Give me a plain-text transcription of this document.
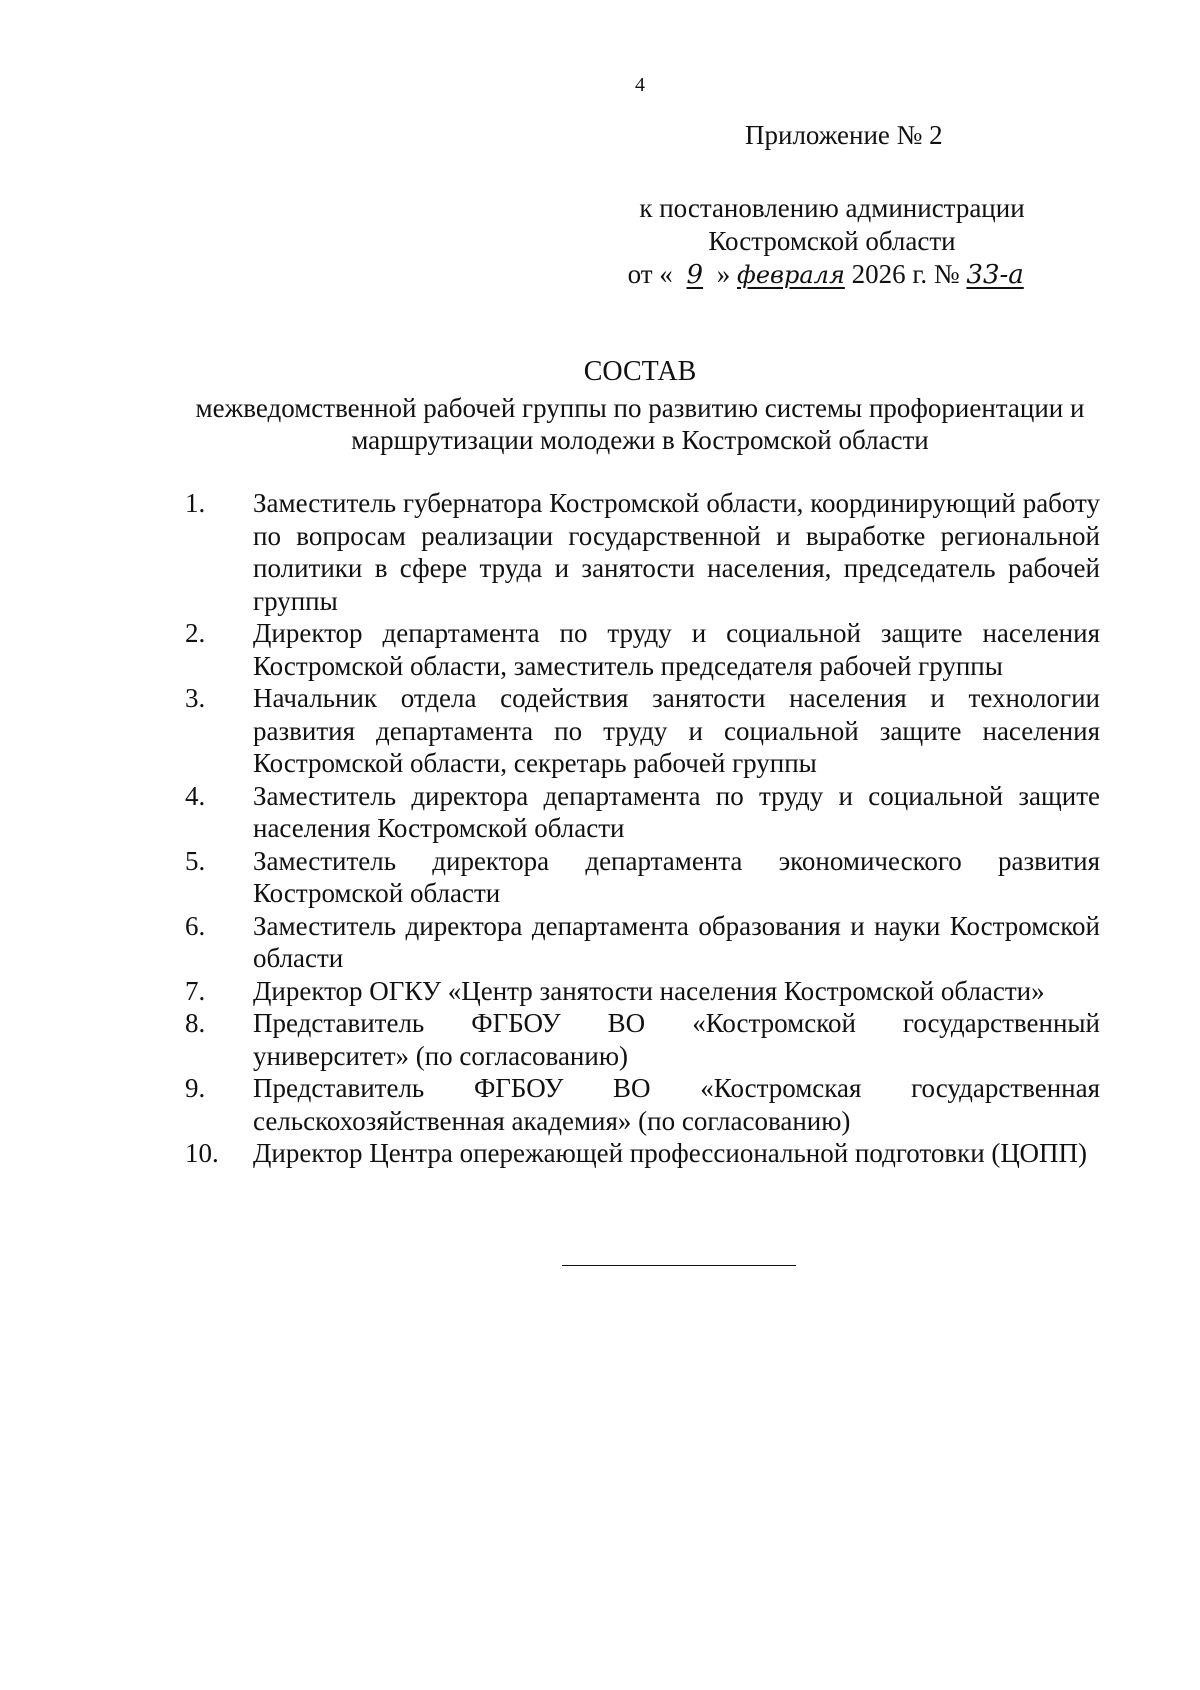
4
Приложение № 2
к постановлению администрации
Костромской области
от « 9 » февраля 2026 г. № 33-а
СОСТАВ
межведомственной рабочей группы по развитию системы профориентации и маршрутизации молодежи в Костромской области
1.	Заместитель губернатора Костромской области, координирующий работу по вопросам реализации государственной и выработке региональной политики в сфере труда и занятости населения, председатель рабочей группы
2.	Директор департамента по труду и социальной защите населения Костромской области, заместитель председателя рабочей группы
3.	Начальник отдела содействия занятости населения и технологии развития департамента по труду и социальной защите населения Костромской области, секретарь рабочей группы
4.	Заместитель директора департамента по труду и социальной защите населения Костромской области
5.	Заместитель директора департамента экономического развития Костромской области
6.	Заместитель директора департамента образования и науки Костромской области
7.	Директор ОГКУ «Центр занятости населения Костромской области»
8.	Представитель ФГБОУ ВО «Костромской государственный университет» (по согласованию)
9.	Представитель ФГБОУ ВО «Костромская государственная сельскохозяйственная академия» (по согласованию)
10.	Директор Центра опережающей профессиональной подготовки (ЦОПП)
